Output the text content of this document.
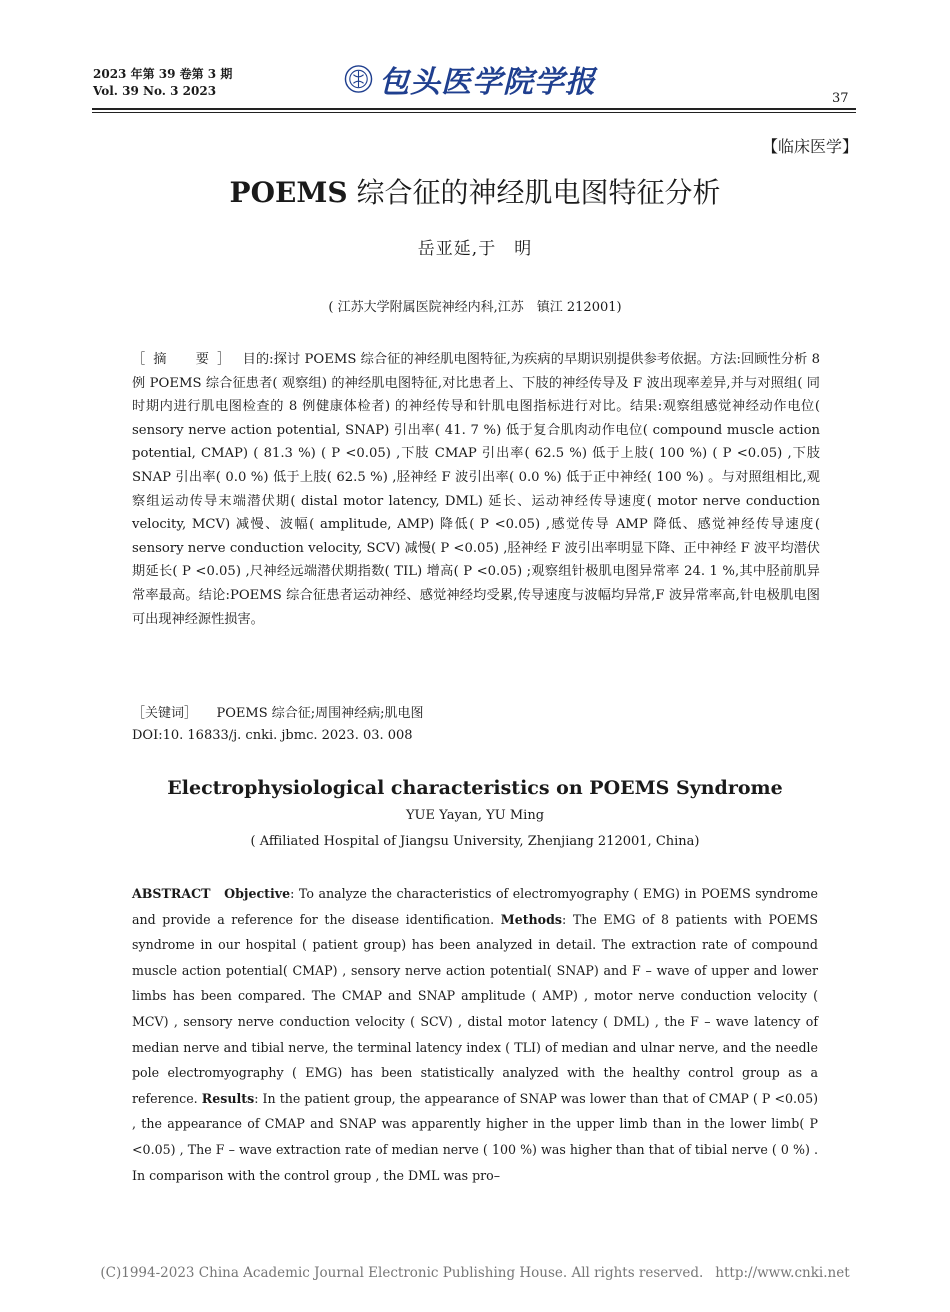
2023 年第 39 卷第 3 期
Vol. 39 No. 3 2023	包头医学院学报	37
【临床医学】
POEMS 综合征的神经肌电图特征分析
岳亚延,于　明
( 江苏大学附属医院神经内科,江苏　镇江 212001)
［摘　要］ 目的:探讨 POEMS 综合征的神经肌电图特征,为疾病的早期识别提供参考依据。方法:回顾性分析 8 例 POEMS 综合征患者( 观察组) 的神经肌电图特征,对比患者上、下肢的神经传导及 F 波出现率差异,并与对照组( 同时期内进行肌电图检查的 8 例健康体检者) 的神经传导和针肌电图指标进行对比。结果:观察组感觉神经动作电位( sensory nerve action potential, SNAP) 引出率( 41. 7 %) 低于复合肌肉动作电位( compound muscle action potential, CMAP) ( 81.3 %) ( P <0.05) ,下肢 CMAP 引出率( 62.5 %) 低于上肢( 100 %) ( P <0.05) ,下肢 SNAP 引出率( 0.0 %) 低于上肢( 62.5 %) ,胫神经 F 波引出率( 0.0 %) 低于正中神经( 100 %) 。与对照组相比,观察组运动传导末端潜伏期( distal motor latency, DML) 延长、运动神经传导速度( motor nerve conduction velocity, MCV) 减慢、波幅( amplitude, AMP) 降低( P <0.05) ,感觉传导 AMP 降低、感觉神经传导速度( sensory nerve conduction velocity, SCV) 减慢( P <0.05) ,胫神经 F 波引出率明显下降、正中神经 F 波平均潜伏期延长( P <0.05) ,尺神经远端潜伏期指数( TIL) 增高( P <0.05) ;观察组针极肌电图异常率 24. 1 %,其中胫前肌异常率最高。结论:POEMS 综合征患者运动神经、感觉神经均受累,传导速度与波幅均异常,F 波异常率高,针电极肌电图可出现神经源性损害。
［关键词］　　 POEMS 综合征;周围神经病;肌电图
DOI:10. 16833/j. cnki. jbmc. 2023. 03. 008
Electrophysiological characteristics on POEMS Syndrome
YUE Yayan, YU Ming
( Affiliated Hospital of Jiangsu University, Zhenjiang 212001, China)
ABSTRACT Objective: To analyze the characteristics of electromyography ( EMG) in POEMS syndrome and provide a reference for the disease identification. Methods: The EMG of 8 patients with POEMS syndrome in our hospital ( patient group) has been analyzed in detail. The extraction rate of compound muscle action potential( CMAP) , sensory nerve action potential( SNAP) and F – wave of upper and lower limbs has been compared. The CMAP and SNAP amplitude ( AMP) , motor nerve conduction velocity ( MCV) , sensory nerve conduction velocity ( SCV) , distal motor latency ( DML) , the F – wave latency of median nerve and tibial nerve, the terminal latency index ( TLI) of median and ulnar nerve, and the needle pole electromyography ( EMG) has been statistically analyzed with the healthy control group as a reference. Results: In the patient group, the appearance of SNAP was lower than that of CMAP ( P <0.05) , the appearance of CMAP and SNAP was apparently higher in the upper limb than in the lower limb( P <0.05) , The F – wave extraction rate of median nerve ( 100 %) was higher than that of tibial nerve ( 0 %) . In comparison with the control group , the DML was pro–
(C)1994-2023 China Academic Journal Electronic Publishing House. All rights reserved. http://www.cnki.net
